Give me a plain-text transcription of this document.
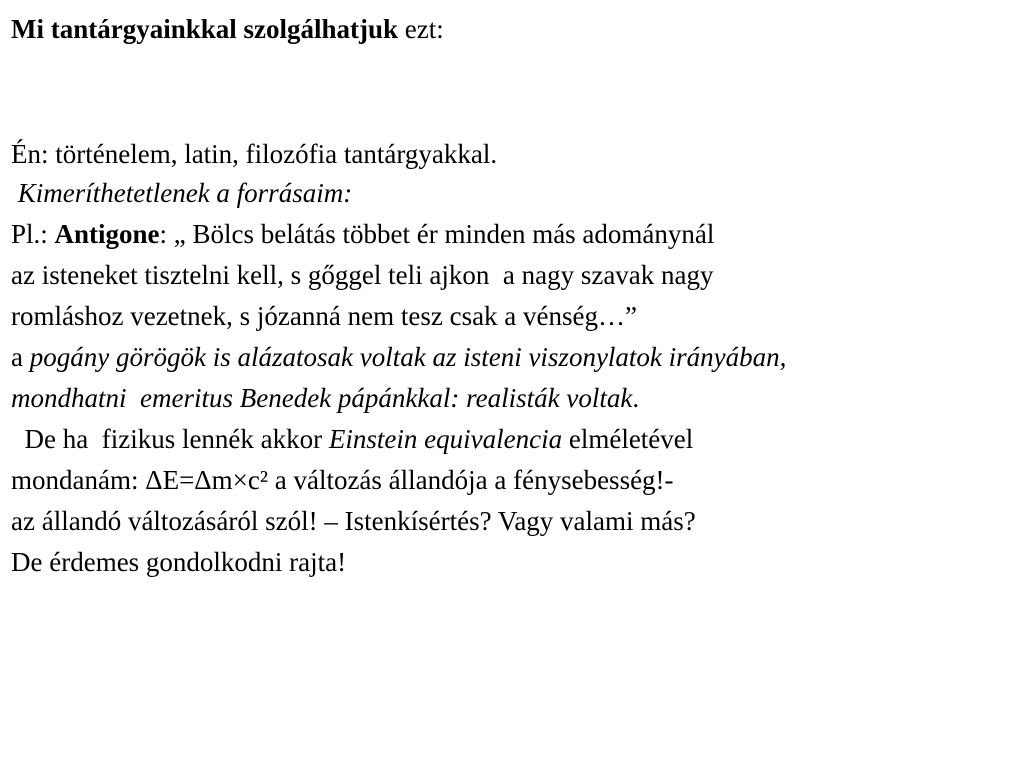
Mi tantárgyainkkal szolgálhatjuk ezt:
Én: történelem, latin, filozófia tantárgyakkal.
Kimeríthetetlenek a forrásaim:
Pl.: Antigone: „ Bölcs belátás többet ér minden más adománynál
az isteneket tisztelni kell, s gőggel teli ajkon  a nagy szavak nagy
romláshoz vezetnek, s józanná nem tesz csak a vénség…”
a pogány görögök is alázatosak voltak az isteni viszonylatok irányában,
mondhatni  emeritus Benedek pápánkkal: realisták voltak.
De ha  fizikus lennék akkor Einstein equivalencia elméletével
mondanám: ΔE=Δm×c² a változás állandója a fénysebesség!-
az állandó változásáról szól! – Istenkísértés? Vagy valami más?
De érdemes gondolkodni rajta!
